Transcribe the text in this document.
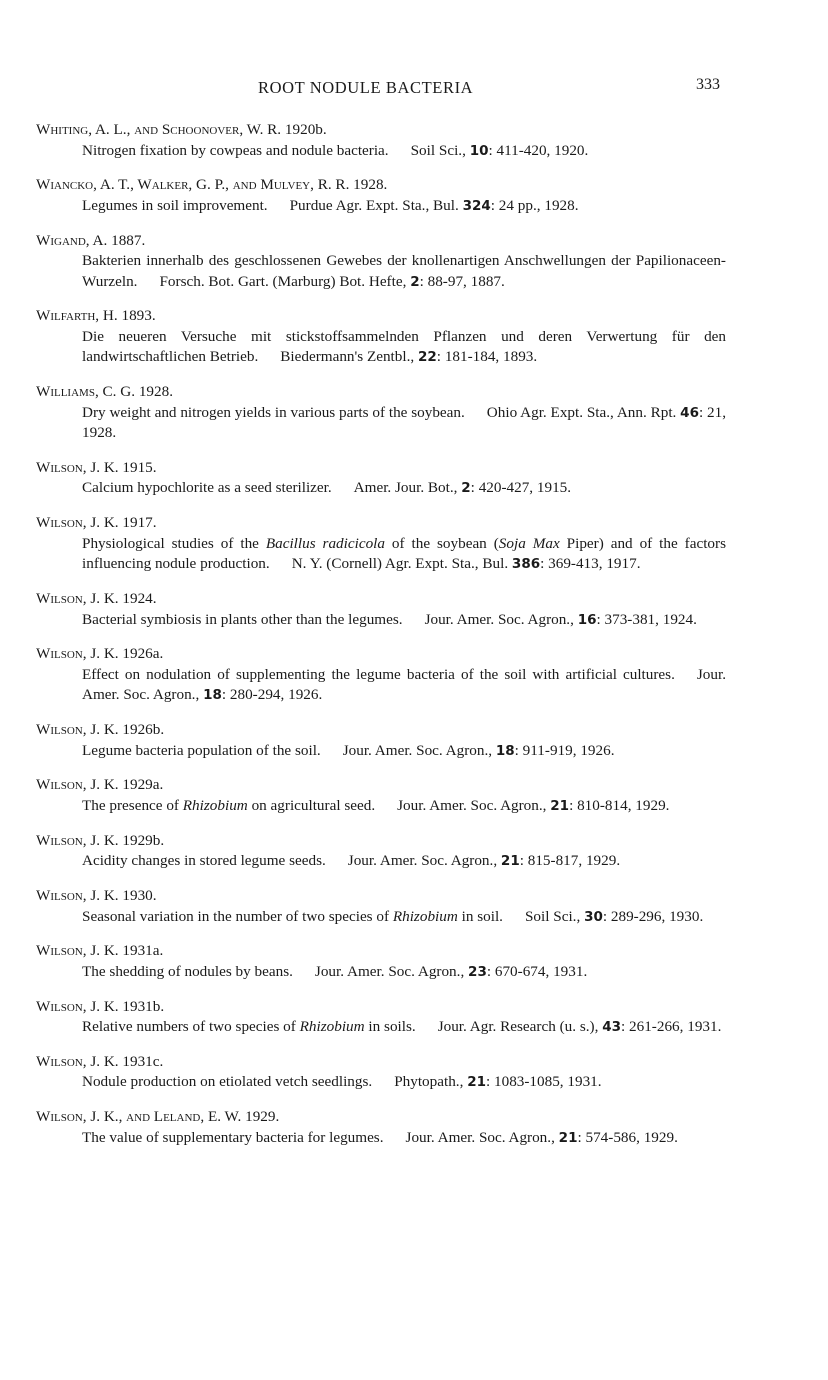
ROOT NODULE BACTERIA	333
Whiting, A. L., and Schoonover, W. R. 1920b.
Nitrogen fixation by cowpeas and nodule bacteria. Soil Sci., 10: 411-420, 1920.
Wiancko, A. T., Walker, G. P., and Mulvey, R. R. 1928.
Legumes in soil improvement. Purdue Agr. Expt. Sta., Bul. 324: 24 pp., 1928.
Wigand, A. 1887.
Bakterien innerhalb des geschlossenen Gewebes der knollenartigen Anschwellungen der Papilionaceen-Wurzeln. Forsch. Bot. Gart. (Marburg) Bot. Hefte, 2: 88-97, 1887.
Wilfarth, H. 1893.
Die neueren Versuche mit stickstoffsammelnden Pflanzen und deren Verwertung für den landwirtschaftlichen Betrieb. Biedermann's Zentbl., 22: 181-184, 1893.
Williams, C. G. 1928.
Dry weight and nitrogen yields in various parts of the soybean. Ohio Agr. Expt. Sta., Ann. Rpt. 46: 21, 1928.
Wilson, J. K. 1915.
Calcium hypochlorite as a seed sterilizer. Amer. Jour. Bot., 2: 420-427, 1915.
Wilson, J. K. 1917.
Physiological studies of the Bacillus radicicola of the soybean (Soja Max Piper) and of the factors influencing nodule production. N. Y. (Cornell) Agr. Expt. Sta., Bul. 386: 369-413, 1917.
Wilson, J. K. 1924.
Bacterial symbiosis in plants other than the legumes. Jour. Amer. Soc. Agron., 16: 373-381, 1924.
Wilson, J. K. 1926a.
Effect on nodulation of supplementing the legume bacteria of the soil with artificial cultures. Jour. Amer. Soc. Agron., 18: 280-294, 1926.
Wilson, J. K. 1926b.
Legume bacteria population of the soil. Jour. Amer. Soc. Agron., 18: 911-919, 1926.
Wilson, J. K. 1929a.
The presence of Rhizobium on agricultural seed. Jour. Amer. Soc. Agron., 21: 810-814, 1929.
Wilson, J. K. 1929b.
Acidity changes in stored legume seeds. Jour. Amer. Soc. Agron., 21: 815-817, 1929.
Wilson, J. K. 1930.
Seasonal variation in the number of two species of Rhizobium in soil. Soil Sci., 30: 289-296, 1930.
Wilson, J. K. 1931a.
The shedding of nodules by beans. Jour. Amer. Soc. Agron., 23: 670-674, 1931.
Wilson, J. K. 1931b.
Relative numbers of two species of Rhizobium in soils. Jour. Agr. Research (u. s.), 43: 261-266, 1931.
Wilson, J. K. 1931c.
Nodule production on etiolated vetch seedlings. Phytopath., 21: 1083-1085, 1931.
Wilson, J. K., and Leland, E. W. 1929.
The value of supplementary bacteria for legumes. Jour. Amer. Soc. Agron., 21: 574-586, 1929.
